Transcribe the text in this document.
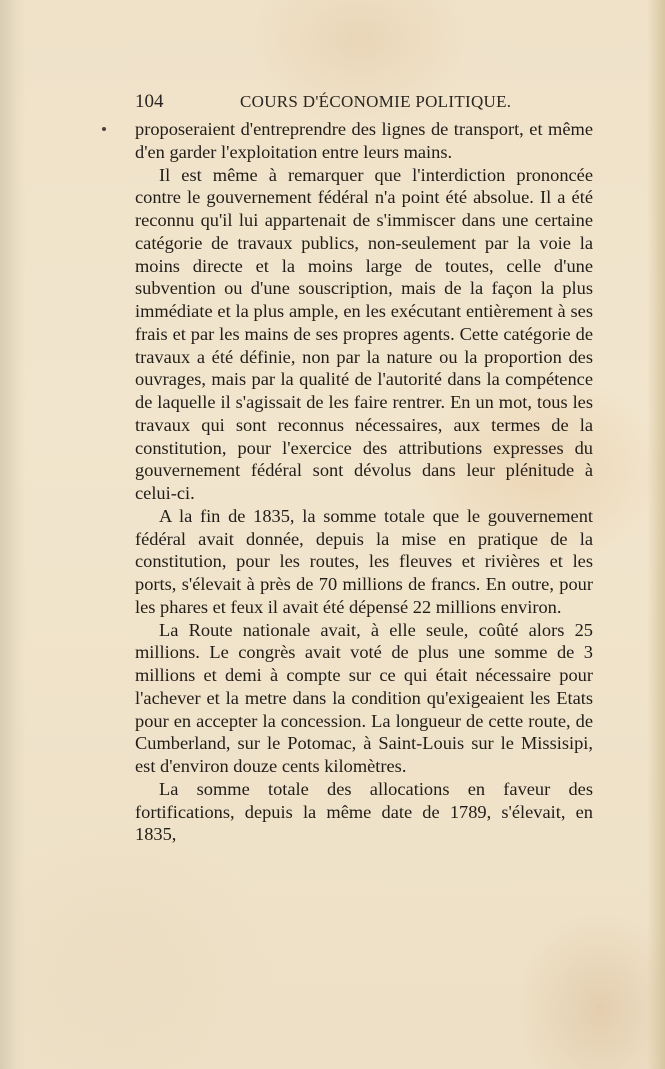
104	COURS D'ÉCONOMIE POLITIQUE.

proposeraient d'entreprendre des lignes de transport, et même d'en garder l'exploitation entre leurs mains.

Il est même à remarquer que l'interdiction prononcée contre le gouvernement fédéral n'a point été absolue. Il a été reconnu qu'il lui appartenait de s'immiscer dans une certaine catégorie de travaux publics, non-seulement par la voie la moins directe et la moins large de toutes, celle d'une subvention ou d'une souscription, mais de la façon la plus immédiate et la plus ample, en les exécutant entièrement à ses frais et par les mains de ses propres agents. Cette catégorie de travaux a été définie, non par la nature ou la proportion des ouvrages, mais par la qualité de l'autorité dans la compétence de laquelle il s'agissait de les faire rentrer. En un mot, tous les travaux qui sont reconnus nécessaires, aux termes de la constitution, pour l'exercice des attributions expresses du gouvernement fédéral sont dévolus dans leur plénitude à celui-ci.

A la fin de 1835, la somme totale que le gouvernement fédéral avait donnée, depuis la mise en pratique de la constitution, pour les routes, les fleuves et rivières et les ports, s'élevait à près de 70 millions de francs. En outre, pour les phares et feux il avait été dépensé 22 millions environ.

La Route nationale avait, à elle seule, coûté alors 25 millions. Le congrès avait voté de plus une somme de 3 millions et demi à compte sur ce qui était nécessaire pour l'achever et la metre dans la condition qu'exigeaient les Etats pour en accepter la concession. La longueur de cette route, de Cumberland, sur le Potomac, à Saint-Louis sur le Missisipi, est d'environ douze cents kilomètres.

La somme totale des allocations en faveur des fortifications, depuis la même date de 1789, s'élevait, en 1835,
